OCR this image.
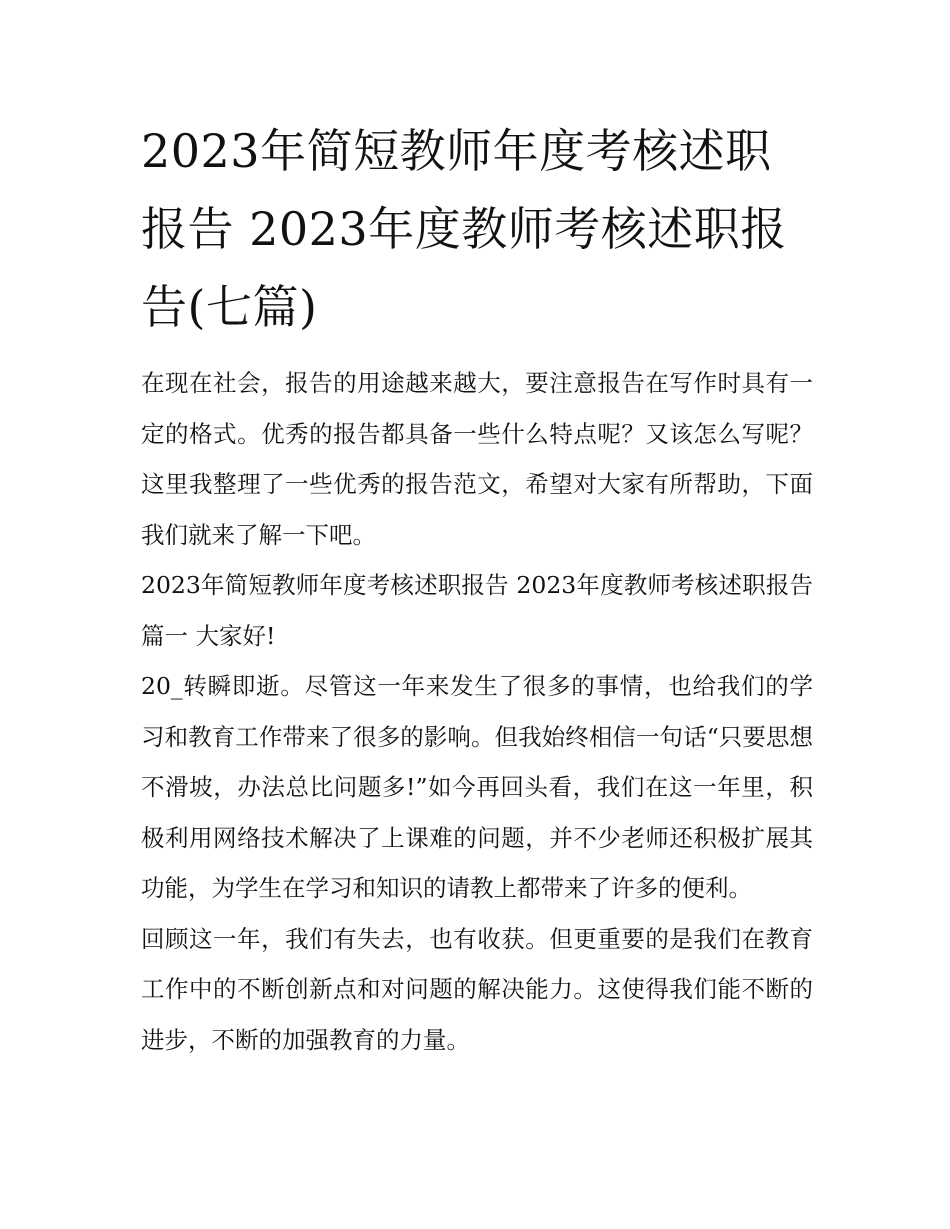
2023年简短教师年度考核述职报告 2023年度教师考核述职报告(七篇)

在现在社会，报告的用途越来越大，要注意报告在写作时具有一定的格式。优秀的报告都具备一些什么特点呢？又该怎么写呢？这里我整理了一些优秀的报告范文，希望对大家有所帮助，下面我们就来了解一下吧。

2023年简短教师年度考核述职报告 2023年度教师考核述职报告篇一 大家好!

20_转瞬即逝。尽管这一年来发生了很多的事情，也给我们的学习和教育工作带来了很多的影响。但我始终相信一句话“只要思想不滑坡，办法总比问题多!”如今再回头看，我们在这一年里，积极利用网络技术解决了上课难的问题，并不少老师还积极扩展其功能，为学生在学习和知识的请教上都带来了许多的便利。

回顾这一年，我们有失去，也有收获。但更重要的是我们在教育工作中的不断创新点和对问题的解决能力。这使得我们能不断的进步，不断的加强教育的力量。
